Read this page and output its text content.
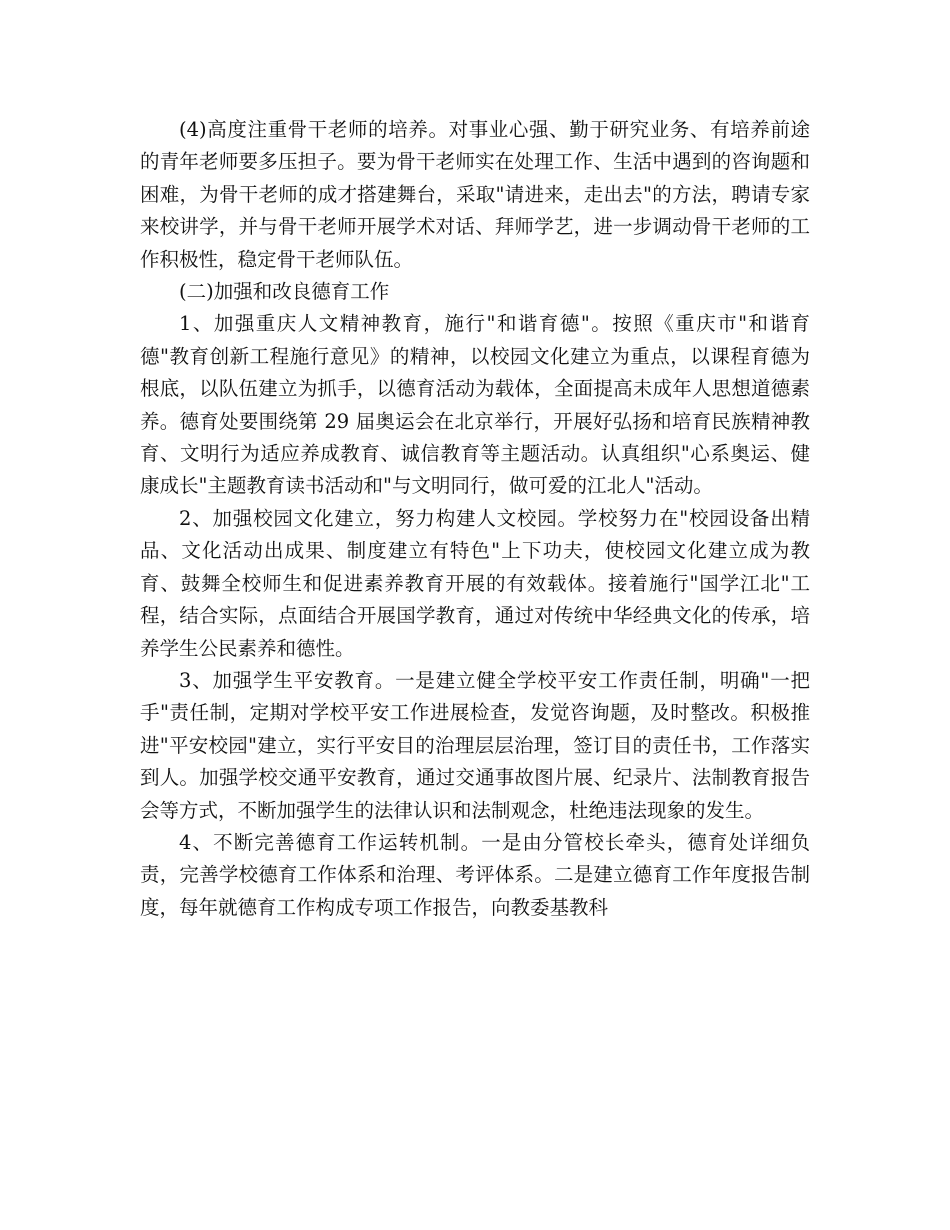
(4)高度注重骨干老师的培养。对事业心强、勤于研究业务、有培养前途的青年老师要多压担子。要为骨干老师实在处理工作、生活中遇到的咨询题和困难，为骨干老师的成才搭建舞台，采取"请进来，走出去"的方法，聘请专家来校讲学，并与骨干老师开展学术对话、拜师学艺，进一步调动骨干老师的工作积极性，稳定骨干老师队伍。

(二)加强和改良德育工作

1、加强重庆人文精神教育，施行"和谐育德"。按照《重庆市"和谐育德"教育创新工程施行意见》的精神，以校园文化建立为重点，以课程育德为根底，以队伍建立为抓手，以德育活动为载体，全面提高未成年人思想道德素养。德育处要围绕第 29 届奥运会在北京举行，开展好弘扬和培育民族精神教育、文明行为适应养成教育、诚信教育等主题活动。认真组织"心系奥运、健康成长"主题教育读书活动和"与文明同行，做可爱的江北人"活动。

2、加强校园文化建立，努力构建人文校园。学校努力在"校园设备出精品、文化活动出成果、制度建立有特色"上下功夫，使校园文化建立成为教育、鼓舞全校师生和促进素养教育开展的有效载体。接着施行"国学江北"工程，结合实际，点面结合开展国学教育，通过对传统中华经典文化的传承，培养学生公民素养和德性。

3、加强学生平安教育。一是建立健全学校平安工作责任制，明确"一把手"责任制，定期对学校平安工作进展检查，发觉咨询题，及时整改。积极推进"平安校园"建立，实行平安目的治理层层治理，签订目的责任书，工作落实到人。加强学校交通平安教育，通过交通事故图片展、纪录片、法制教育报告会等方式，不断加强学生的法律认识和法制观念，杜绝违法现象的发生。

4、不断完善德育工作运转机制。一是由分管校长牵头，德育处详细负责，完善学校德育工作体系和治理、考评体系。二是建立德育工作年度报告制度，每年就德育工作构成专项工作报告，向教委基教科
